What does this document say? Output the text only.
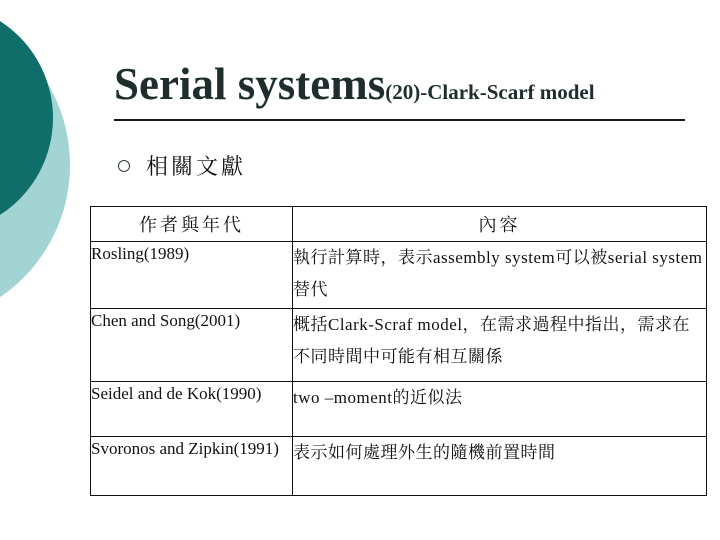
Serial systems(20)-Clark-Scarf model
相關文獻
作者與年代	內容
Rosling(1989)	執行計算時，表示assembly system可以被serial system替代
Chen and Song(2001)	概括Clark-Scraf model，在需求過程中指出，需求在不同時間中可能有相互關係
Seidel and de Kok(1990)	two –moment的近似法
Svoronos and Zipkin(1991)	表示如何處理外生的隨機前置時間
